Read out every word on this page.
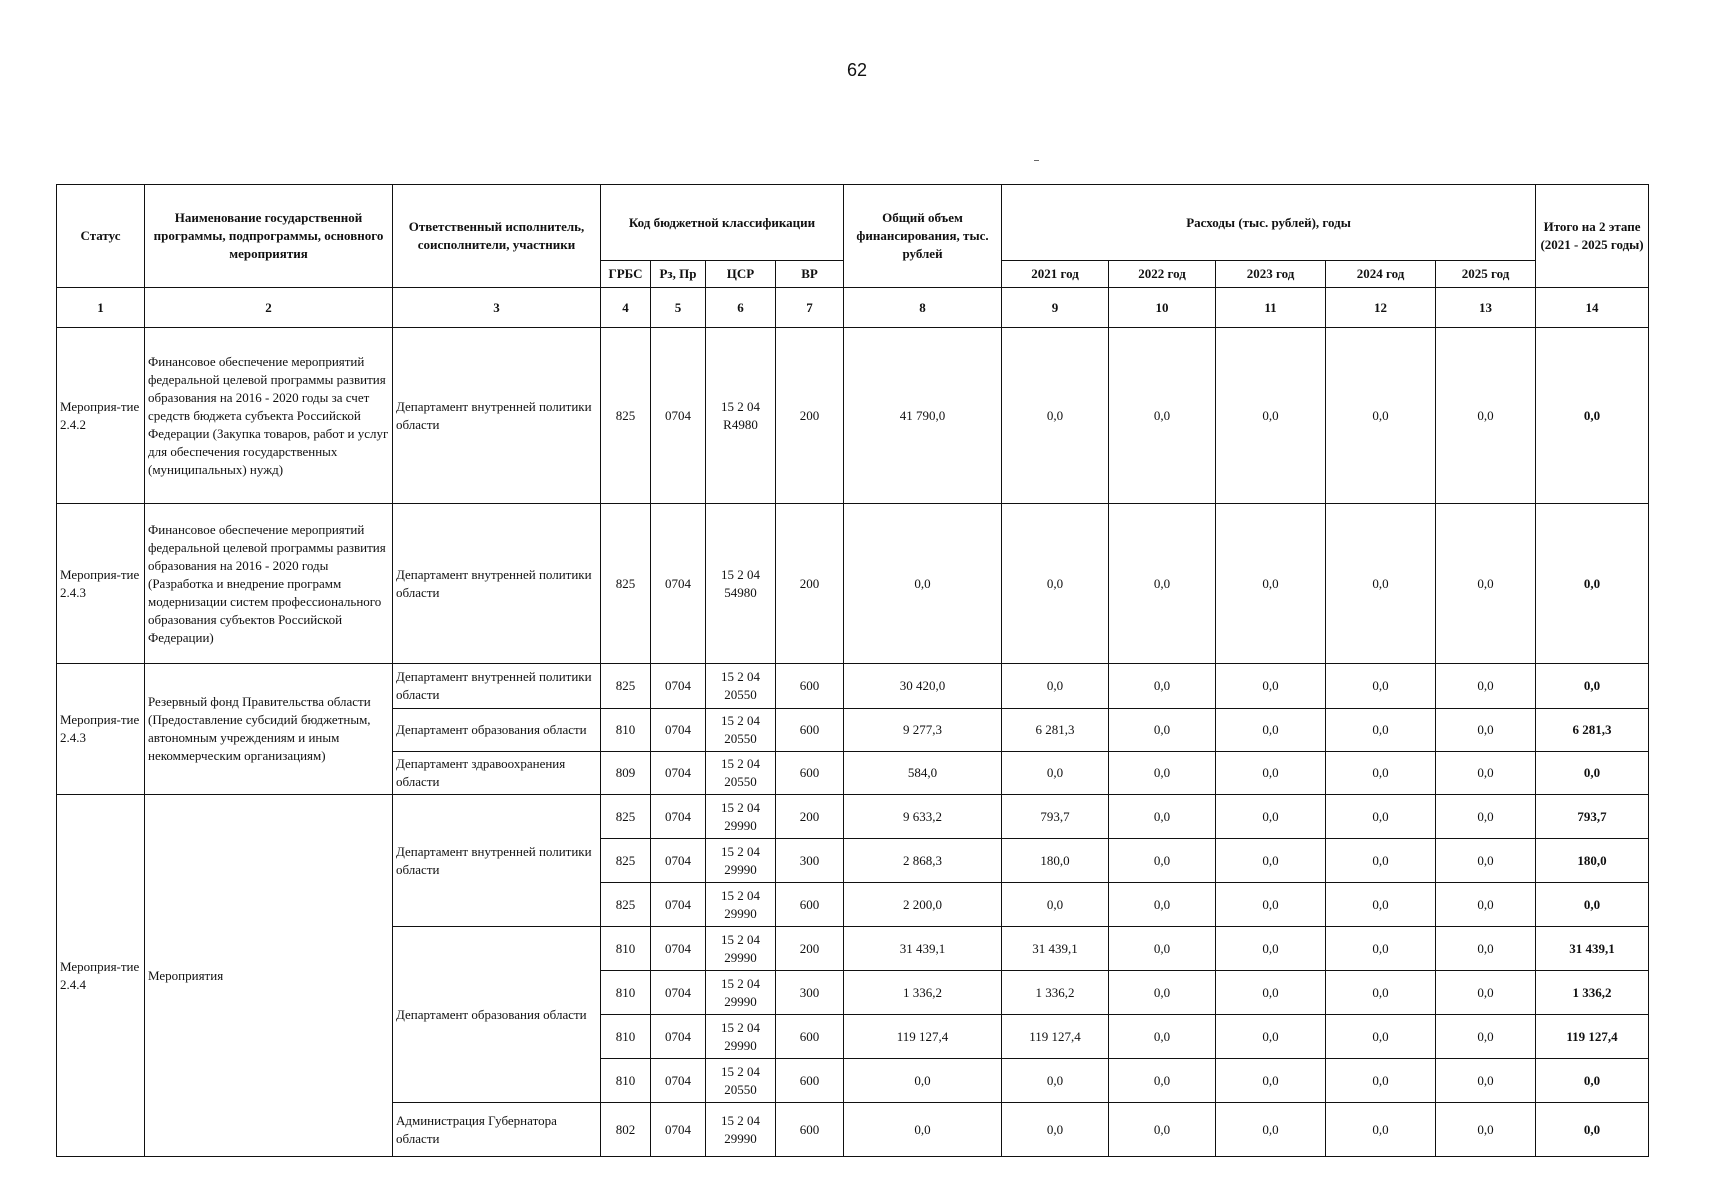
62
Статус	Наименование государственной программы, подпрограммы, основного мероприятия	Ответственный исполнитель, соисполнители, участники	Код бюджетной классификации				Общий объем финансирования, тыс. рублей	Расходы (тыс. рублей), годы					Итого на 2 этапе (2021 - 2025 годы)
			ГРБС	Рз, Пр	ЦСР	ВР		2021 год	2022 год	2023 год	2024 год	2025 год	
1	2	3	4	5	6	7	8	9	10	11	12	13	14
Мероприя-тие 2.4.2	Финансовое обеспечение мероприятий федеральной целевой программы развития образования на 2016 - 2020 годы за счет средств бюджета субъекта Российской Федерации (Закупка товаров, работ и услуг для обеспечения государственных (муниципальных) нужд)	Департамент внутренней политики области	825	0704	15 2 04 R4980	200	41 790,0	0,0	0,0	0,0	0,0	0,0	0,0
Мероприя-тие 2.4.3	Финансовое обеспечение мероприятий федеральной целевой программы развития образования на 2016 - 2020 годы (Разработка и внедрение программ модернизации систем профессионального образования субъектов Российской Федерации)	Департамент внутренней политики области	825	0704	15 2 04 54980	200	0,0	0,0	0,0	0,0	0,0	0,0	0,0
Мероприя-тие 2.4.3	Резервный фонд Правительства области (Предоставление субсидий бюджетным, автономным учреждениям и иным некоммерческим организациям)	Департамент внутренней политики области	825	0704	15 2 04 20550	600	30 420,0	0,0	0,0	0,0	0,0	0,0	0,0
		Департамент образования области	810	0704	15 2 04 20550	600	9 277,3	6 281,3	0,0	0,0	0,0	0,0	6 281,3
		Департамент здравоохранения области	809	0704	15 2 04 20550	600	584,0	0,0	0,0	0,0	0,0	0,0	0,0
Мероприя-тие 2.4.4	Мероприятия	Департамент внутренней политики области	825	0704	15 2 04 29990	200	9 633,2	793,7	0,0	0,0	0,0	0,0	793,7
			825	0704	15 2 04 29990	300	2 868,3	180,0	0,0	0,0	0,0	0,0	180,0
			825	0704	15 2 04 29990	600	2 200,0	0,0	0,0	0,0	0,0	0,0	0,0
		Департамент образования области	810	0704	15 2 04 29990	200	31 439,1	31 439,1	0,0	0,0	0,0	0,0	31 439,1
			810	0704	15 2 04 29990	300	1 336,2	1 336,2	0,0	0,0	0,0	0,0	1 336,2
			810	0704	15 2 04 29990	600	119 127,4	119 127,4	0,0	0,0	0,0	0,0	119 127,4
			810	0704	15 2 04 20550	600	0,0	0,0	0,0	0,0	0,0	0,0	0,0
		Администрация Губернатора области	802	0704	15 2 04 29990	600	0,0	0,0	0,0	0,0	0,0	0,0	0,0
